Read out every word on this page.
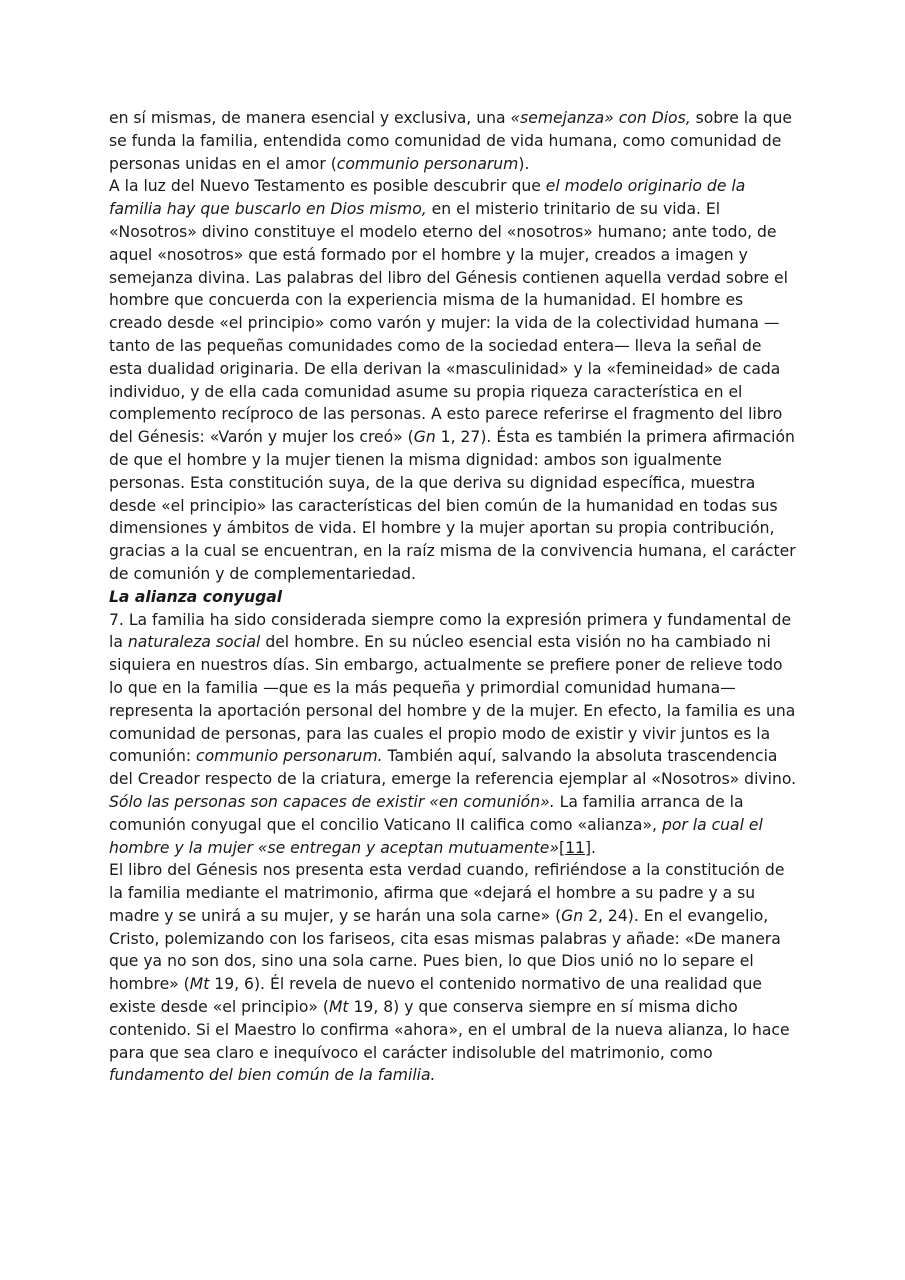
en sí mismas, de manera esencial y exclusiva, una «semejanza» con Dios, sobre la que se funda la familia, entendida como comunidad de vida humana, como comunidad de personas unidas en el amor (communio personarum).

A la luz del Nuevo Testamento es posible descubrir que el modelo originario de la familia hay que buscarlo en Dios mismo, en el misterio trinitario de su vida. El «Nosotros» divino constituye el modelo eterno del «nosotros» humano; ante todo, de aquel «nosotros» que está formado por el hombre y la mujer, creados a imagen y semejanza divina. Las palabras del libro del Génesis contienen aquella verdad sobre el hombre que concuerda con la experiencia misma de la humanidad. El hombre es creado desde «el principio» como varón y mujer: la vida de la colectividad humana —tanto de las pequeñas comunidades como de la sociedad entera— lleva la señal de esta dualidad originaria. De ella derivan la «masculinidad» y la «femineidad» de cada individuo, y de ella cada comunidad asume su propia riqueza característica en el complemento recíproco de las personas. A esto parece referirse el fragmento del libro del Génesis: «Varón y mujer los creó» (Gn 1, 27). Ésta es también la primera afirmación de que el hombre y la mujer tienen la misma dignidad: ambos son igualmente personas. Esta constitución suya, de la que deriva su dignidad específica, muestra desde «el principio» las características del bien común de la humanidad en todas sus dimensiones y ámbitos de vida. El hombre y la mujer aportan su propia contribución, gracias a la cual se encuentran, en la raíz misma de la convivencia humana, el carácter de comunión y de complementariedad.

La alianza conyugal

7. La familia ha sido considerada siempre como la expresión primera y fundamental de la naturaleza social del hombre. En su núcleo esencial esta visión no ha cambiado ni siquiera en nuestros días. Sin embargo, actualmente se prefiere poner de relieve todo lo que en la familia —que es la más pequeña y primordial comunidad humana— representa la aportación personal del hombre y de la mujer. En efecto, la familia es una comunidad de personas, para las cuales el propio modo de existir y vivir juntos es la comunión: communio personarum. También aquí, salvando la absoluta trascendencia del Creador respecto de la criatura, emerge la referencia ejemplar al «Nosotros» divino. Sólo las personas son capaces de existir «en comunión». La familia arranca de la comunión conyugal que el concilio Vaticano II califica como «alianza», por la cual el hombre y la mujer «se entregan y aceptan mutuamente»[11].

El libro del Génesis nos presenta esta verdad cuando, refiriéndose a la constitución de la familia mediante el matrimonio, afirma que «dejará el hombre a su padre y a su madre y se unirá a su mujer, y se harán una sola carne» (Gn 2, 24). En el evangelio, Cristo, polemizando con los fariseos, cita esas mismas palabras y añade: «De manera que ya no son dos, sino una sola carne. Pues bien, lo que Dios unió no lo separe el hombre» (Mt 19, 6). Él revela de nuevo el contenido normativo de una realidad que existe desde «el principio» (Mt 19, 8) y que conserva siempre en sí misma dicho contenido. Si el Maestro lo confirma «ahora», en el umbral de la nueva alianza, lo hace para que sea claro e inequívoco el carácter indisoluble del matrimonio, como fundamento del bien común de la familia.
